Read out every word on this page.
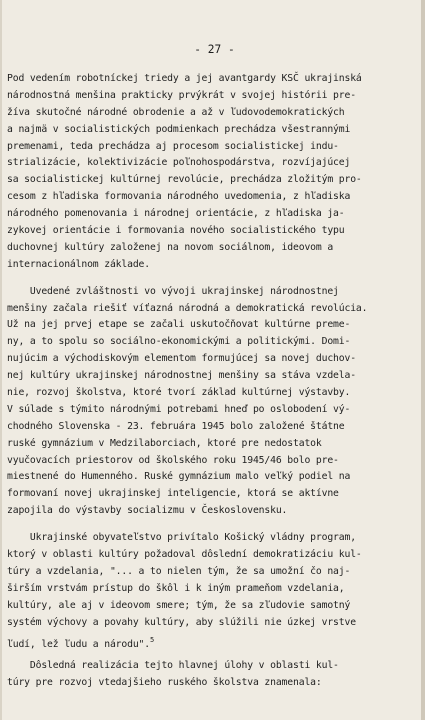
- 27 -
Pod vedením robotníckej triedy a jej avantgardy KSČ ukrajinská
národnostná menšina prakticky prvýkrát v svojej histórii pre-
žíva skutočné národné obrodenie a až v ľudovodemokratických
a najmä v socialistických podmienkach prechádza všestrannými
premenami, teda prechádza aj procesom socialistickej indu-
strializácie, kolektivizácie poľnohospodárstva, rozvíjajúcej
sa socialistickej kultúrnej revolúcie, prechádza zložitým pro-
cesom z hľadiska formovania národného uvedomenia, z hľadiska
národného pomenovania i národnej orientácie, z hľadiska ja-
zykovej orientácie i formovania nového socialistického typu
duchovnej kultúry založenej na novom sociálnom, ideovom a
internacionálnom základe.
Uvedené zvláštnosti vo vývoji ukrajinskej národnostnej
menšiny začala riešiť víťazná národná a demokratická revolúcia.
Už na jej prvej etape se začali uskutočňovat kultúrne preme-
ny, a to spolu so sociálno-ekonomickými a politickými. Domi-
nujúcim a východiskovým elementom formujúcej sa novej duchov-
nej kultúry ukrajinskej národnostnej menšiny sa stáva vzdela-
nie, rozvoj školstva, ktoré tvorí základ kultúrnej výstavby.
V súlade s týmito národnými potrebami hneď po oslobodení vý-
chodného Slovenska - 23. februára 1945 bolo založené štátne
ruské gymnázium v Medzilaborciach, ktoré pre nedostatok
vyučovacích priestorov od školského roku 1945/46 bolo pre-
miestnené do Humenného. Ruské gymnázium malo veľký podiel na
formovaní novej ukrajinskej inteligencie, ktorá se aktívne
zapojila do výstavby socializmu v Československu.
Ukrajinské obyvateľstvo privítalo Košický vládny program,
ktorý v oblasti kultúry požadoval dôslední demokratizáciu kul-
túry a vzdelania, "... a to nielen tým, že sa umožní čo naj-
širším vrstvám prístup do škôl i k iným prameňom vzdelania,
kultúry, ale aj v ideovom smere; tým, že sa zľudovie samotný
systém výchovy a povahy kultúry, aby slúžili nie úzkej vrstve
ľudí, lež ľudu a národu".$^5$
Dôsledná realizácia tejto hlavnej úlohy v oblasti kul-
túry pre rozvoj vtedajšieho ruského školstva znamenala:
